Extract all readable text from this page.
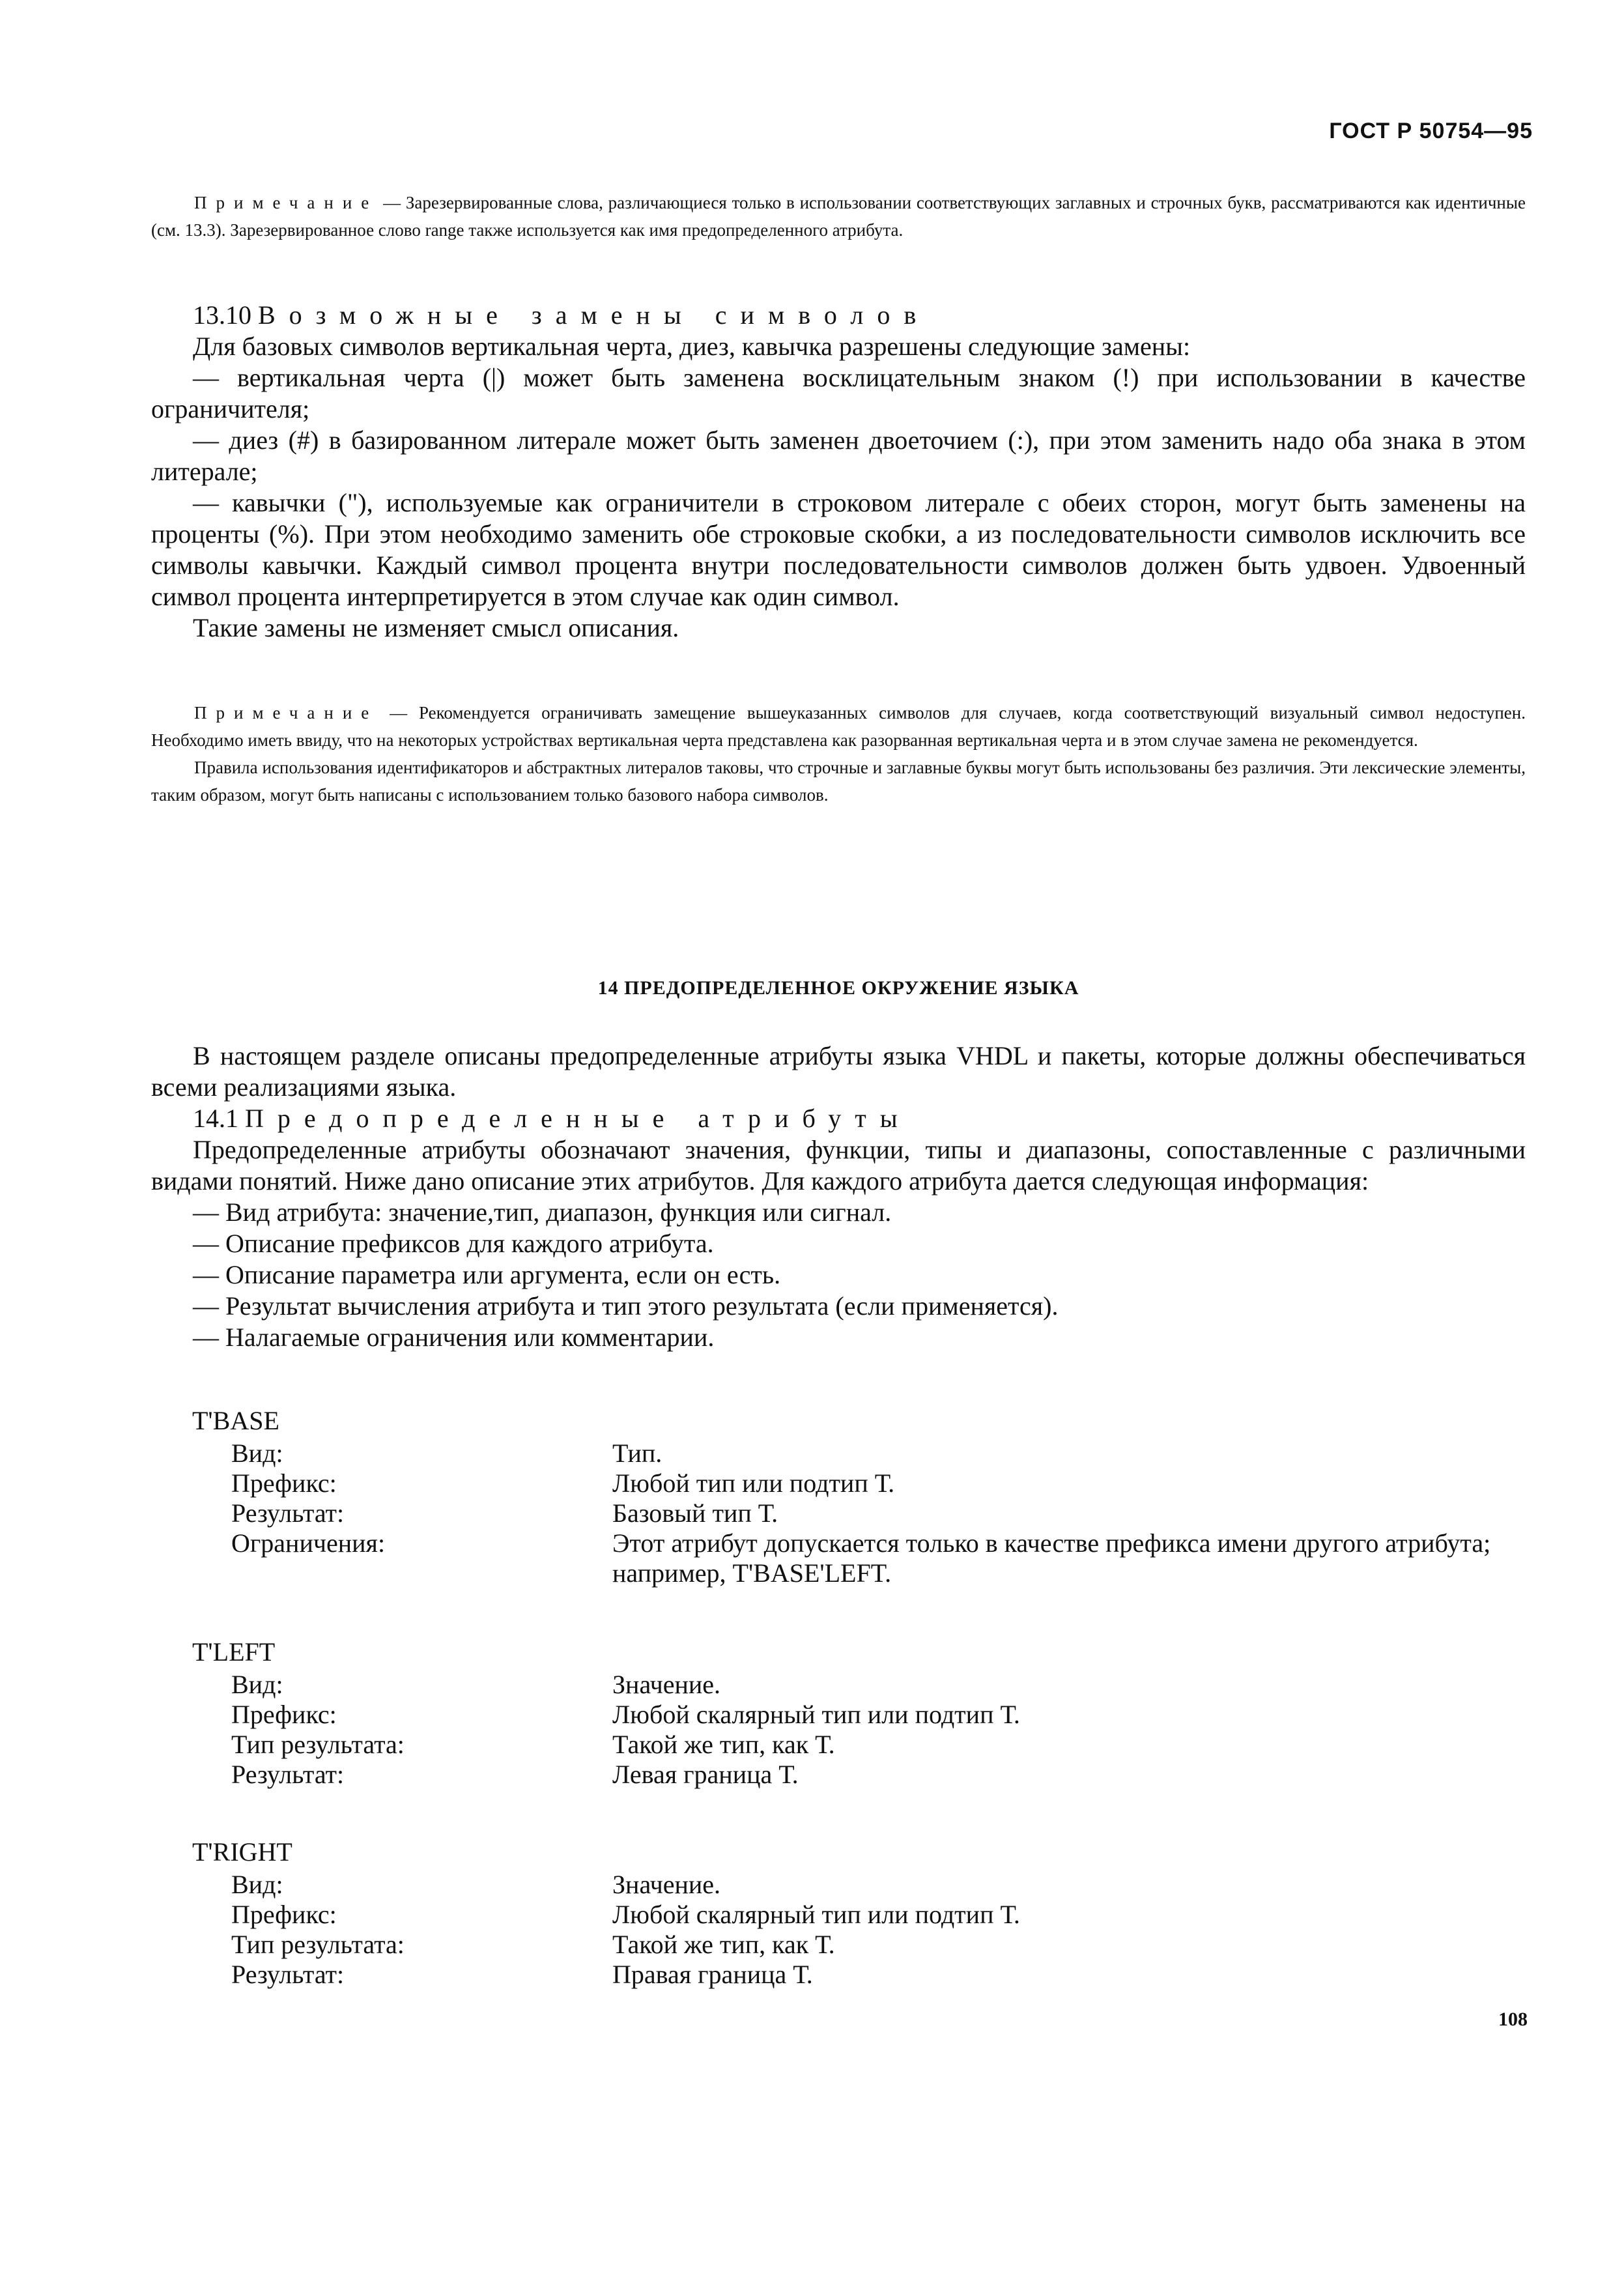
ГОСТ Р 50754—95

Примечание — Зарезервированные слова, различающиеся только в использовании соответствующих заглавных и строчных букв, рассматриваются как идентичные (см. 13.3). Зарезервированное слово range также используется как имя предопределенного атрибута.

13.10 Возможные замены символов

Для базовых символов вертикальная черта, диез, кавычка разрешены следующие замены:

— вертикальная черта (|) может быть заменена восклицательным знаком (!) при использовании в качестве ограничителя;

— диез (#) в базированном литерале может быть заменен двоеточием (:), при этом заменить надо оба знака в этом литерале;

— кавычки ("), используемые как ограничители в строковом литерале с обеих сторон, могут быть заменены на проценты (%). При этом необходимо заменить обе строковые скобки, а из последовательности символов исключить все символы кавычки. Каждый символ процента внутри последовательности символов должен быть удвоен. Удвоенный символ процента интерпретируется в этом случае как один символ.

Такие замены не изменяет смысл описания.

Примечание — Рекомендуется ограничивать замещение вышеуказанных символов для случаев, когда соответствующий визуальный символ недоступен. Необходимо иметь ввиду, что на некоторых устройствах вертикальная черта представлена как разорванная вертикальная черта и в этом случае замена не рекомендуется.

Правила использования идентификаторов и абстрактных литералов таковы, что строчные и заглавные буквы могут быть использованы без различия. Эти лексические элементы, таким образом, могут быть написаны с использованием только базового набора символов.

14 ПРЕДОПРЕДЕЛЕННОЕ ОКРУЖЕНИЕ ЯЗЫКА

В настоящем разделе описаны предопределенные атрибуты языка VHDL и пакеты, которые должны обеспечиваться всеми реализациями языка.

14.1 Предопределенные атрибуты

Предопределенные атрибуты обозначают значения, функции, типы и диапазоны, сопоставленные с различными видами понятий. Ниже дано описание этих атрибутов. Для каждого атрибута дается следующая информация:

— Вид атрибута: значение,тип, диапазон, функция или сигнал.

— Описание префиксов для каждого атрибута.

— Описание параметра или аргумента, если он есть.

— Результат вычисления атрибута и тип этого результата (если применяется).

— Налагаемые ограничения или комментарии.

T'BASE

Вид:	Тип.
Префикс:	Любой тип или подтип Т.
Результат:	Базовый тип Т.
Ограничения:	Этот атрибут допускается только в качестве префикса имени другого атрибута; например, T'BASE'LEFT.

T'LEFT

Вид:	Значение.
Префикс:	Любой скалярный тип или подтип Т.
Тип результата:	Такой же тип, как Т.
Результат:	Левая граница Т.

T'RIGHT

Вид:	Значение.
Префикс:	Любой скалярный тип или подтип Т.
Тип результата:	Такой же тип, как Т.
Результат:	Правая граница Т.
108
